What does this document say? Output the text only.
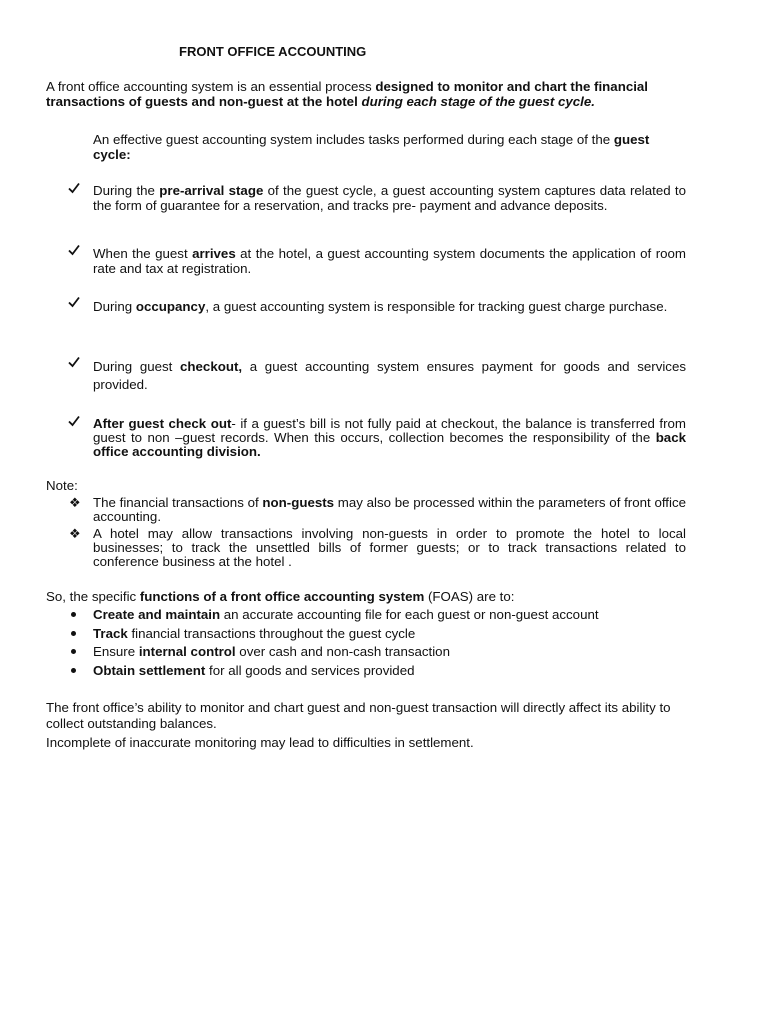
FRONT OFFICE ACCOUNTING
A front office accounting system is an essential process designed to monitor and chart the financial transactions of guests and non-guest at the hotel during each stage of the guest cycle.
An effective guest accounting system includes tasks performed during each stage of the guest cycle:
During the pre-arrival stage of the guest cycle, a guest accounting system captures data related to the form of guarantee for a reservation, and tracks pre- payment and advance deposits.
When the guest arrives at the hotel, a guest accounting system documents the application of room rate and tax at registration.
During occupancy, a guest accounting system is responsible for tracking guest charge purchase.
During guest checkout, a guest accounting system ensures payment for goods and services provided.
After guest check out- if a guest’s bill is not fully paid at checkout, the balance is transferred from guest to non –guest records. When this occurs, collection becomes the responsibility of the back office accounting division.
Note:
❖ The financial transactions of non-guests may also be processed within the parameters of front office accounting.
❖ A hotel may allow transactions involving non-guests in order to promote the hotel to local businesses; to track the unsettled bills of former guests; or to track transactions related to conference business at the hotel .
So, the specific functions of a front office accounting system (FOAS) are to:
Create and maintain an accurate accounting file for each guest or non-guest account
Track financial transactions throughout the guest cycle
Ensure internal control over cash and non-cash transaction
Obtain settlement for all goods and services provided
The front office’s ability to monitor and chart guest and non-guest transaction will directly affect its ability to collect outstanding balances.
Incomplete of inaccurate monitoring may lead to difficulties in settlement.
